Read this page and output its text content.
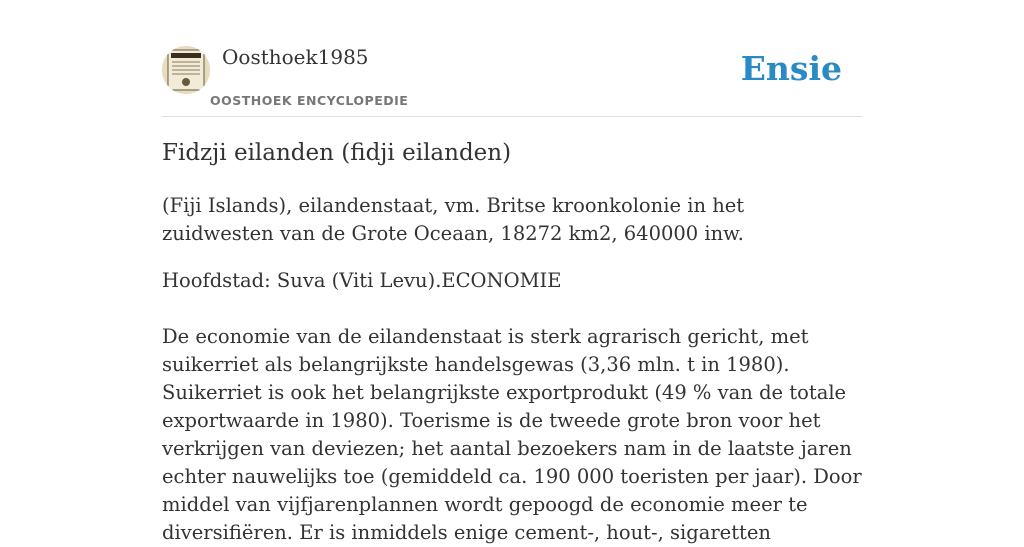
Oosthoek1985
OOSTHOEK ENCYCLOPEDIE
Ensie
Fidzji eilanden (fidji eilanden)

(Fiji Islands), eilandenstaat, vm. Britse kroonkolonie in het zuidwesten van de Grote Oceaan, 18272 km2, 640000 inw.

Hoofdstad: Suva (Viti Levu).ECONOMIE

De economie van de eilandenstaat is sterk agrarisch gericht, met suikerriet als belangrijkste handelsgewas (3,36 mln. t in 1980). Suikerriet is ook het belangrijkste exportprodukt (49 % van de totale exportwaarde in 1980). Toerisme is de tweede grote bron voor het verkrijgen van deviezen; het aantal bezoekers nam in de laatste jaren echter nauwelijks toe (gemiddeld ca. 190 000 toeristen per jaar). Door middel van vijfjarenplannen wordt gepoogd de economie meer te diversifiëren. Er is inmiddels enige cement-, hout-, sigaretten
